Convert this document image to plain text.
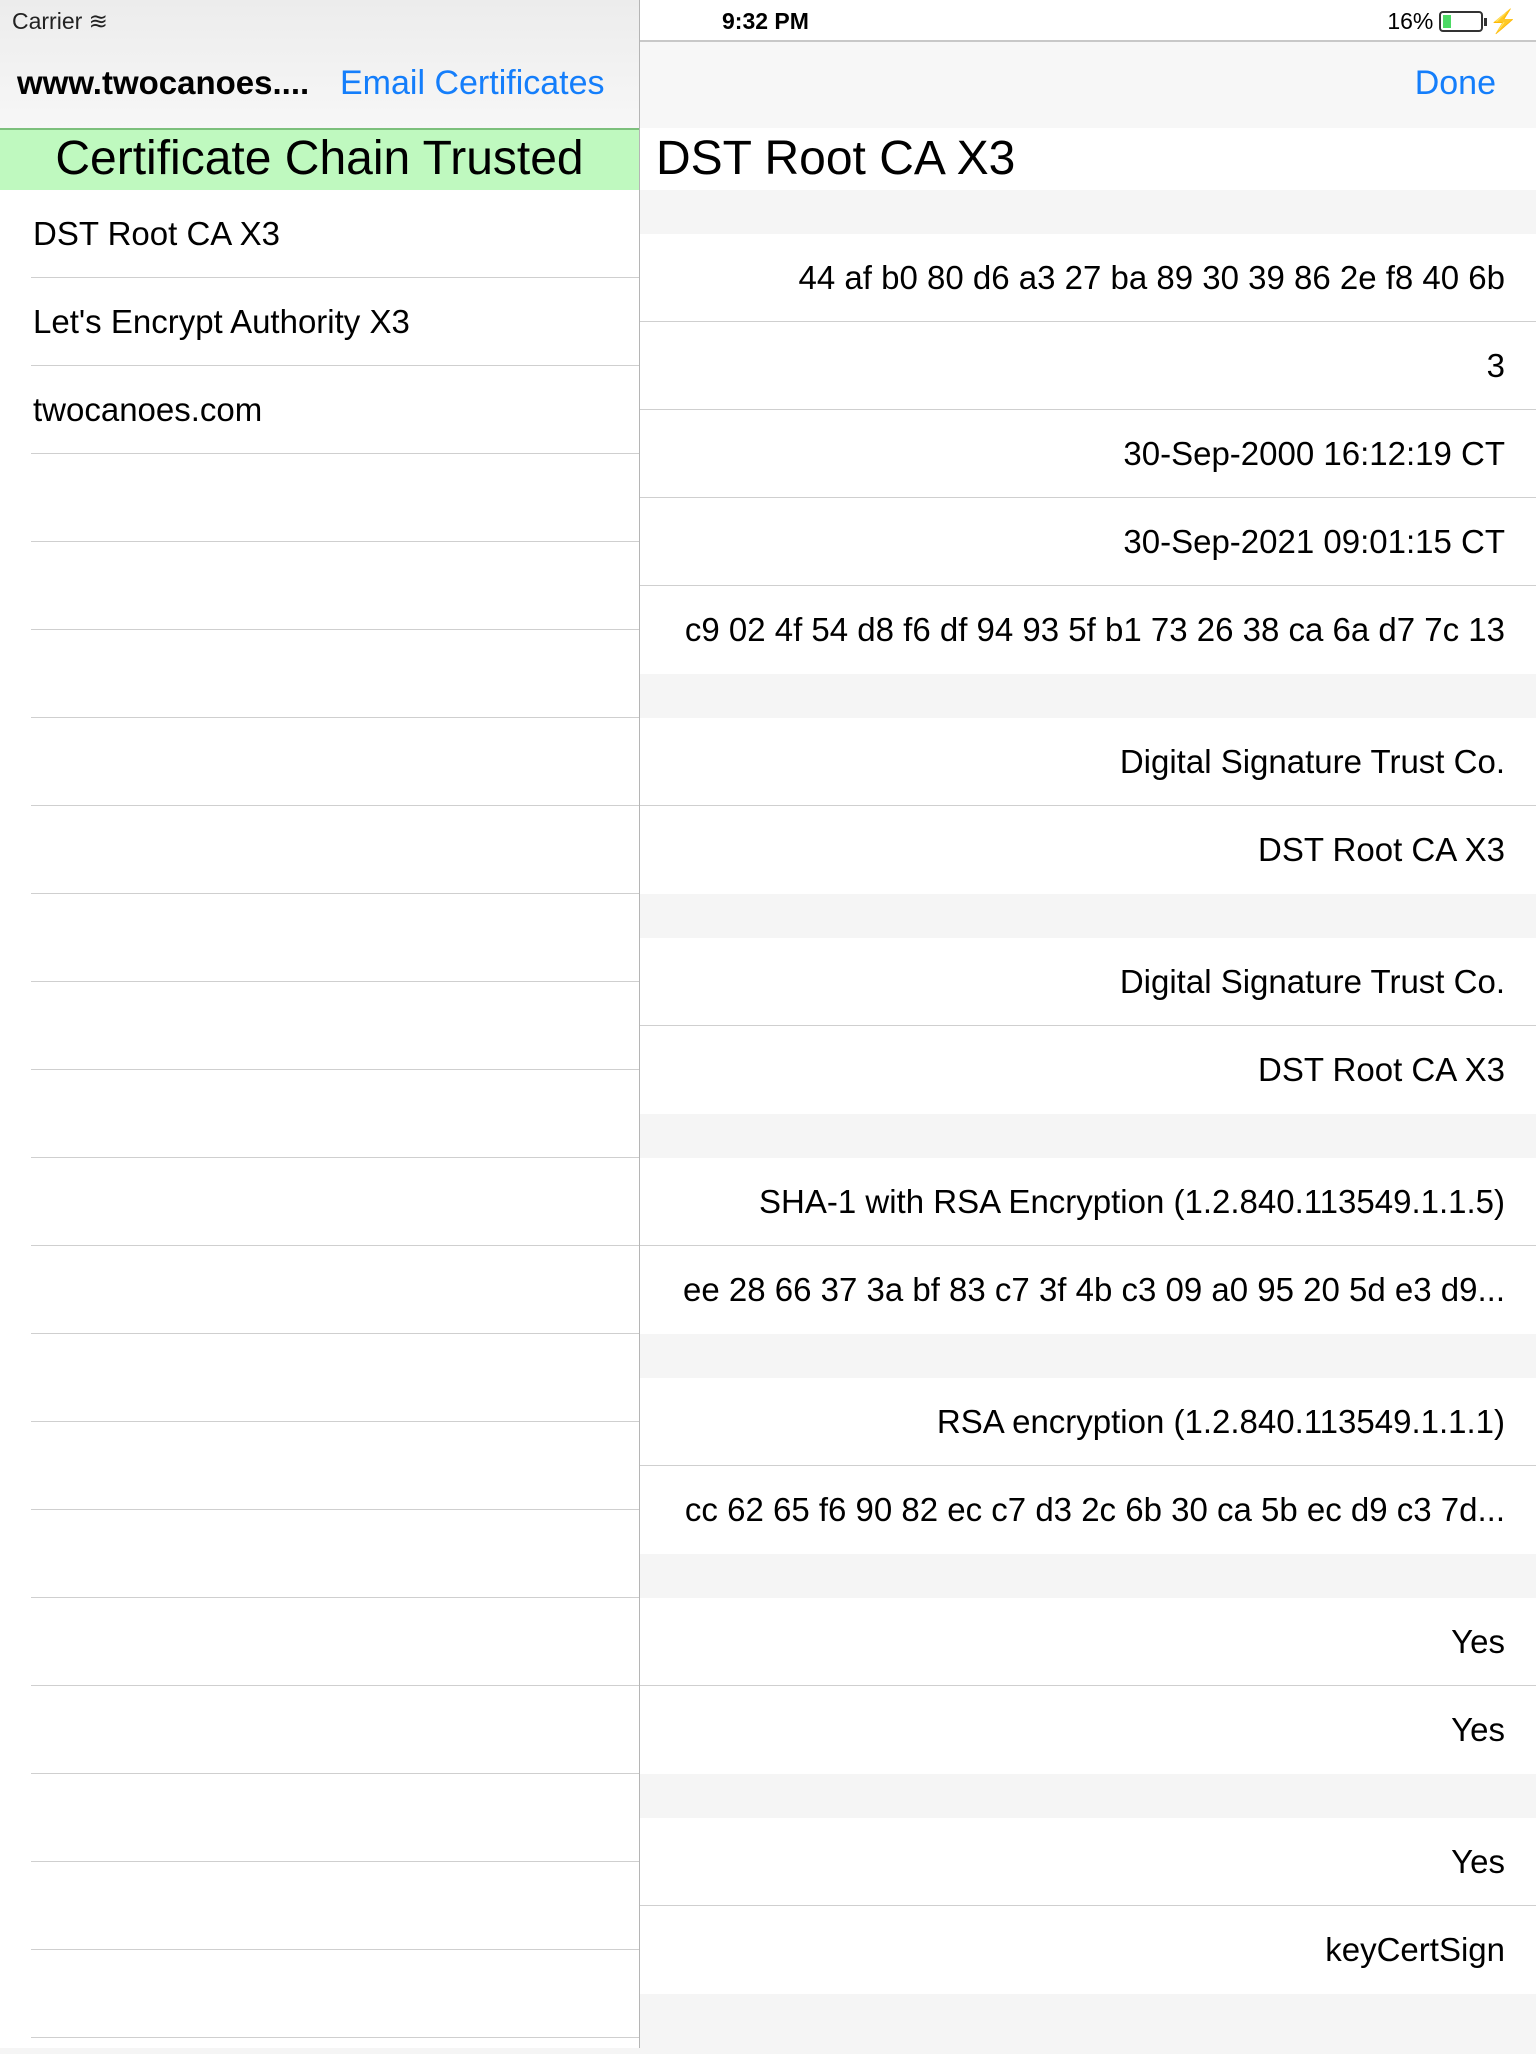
9:32 PM	16% ⚡
Done
DST Root CA X3
44 af b0 80 d6 a3 27 ba 89 30 39 86 2e f8 40 6b
3
30-Sep-2000 16:12:19 CT
30-Sep-2021 09:01:15 CT
c9 02 4f 54 d8 f6 df 94 93 5f b1 73 26 38 ca 6a d7 7c 13
Digital Signature Trust Co.
DST Root CA X3
Digital Signature Trust Co.
DST Root CA X3
SHA-1 with RSA Encryption (1.2.840.113549.1.1.5)
ee 28 66 37 3a bf 83 c7 3f 4b c3 09 a0 95 20 5d e3 d9...
RSA encryption (1.2.840.113549.1.1.1)
cc 62 65 f6 90 82 ec c7 d3 2c 6b 30 ca 5b ec d9 c3 7d...
Yes
Yes
Yes
keyCertSign
Carrier ≋
www.twocanoes.... Email Certificates
Certificate Chain Trusted
DST Root CA X3
Let's Encrypt Authority X3
twocanoes.com
